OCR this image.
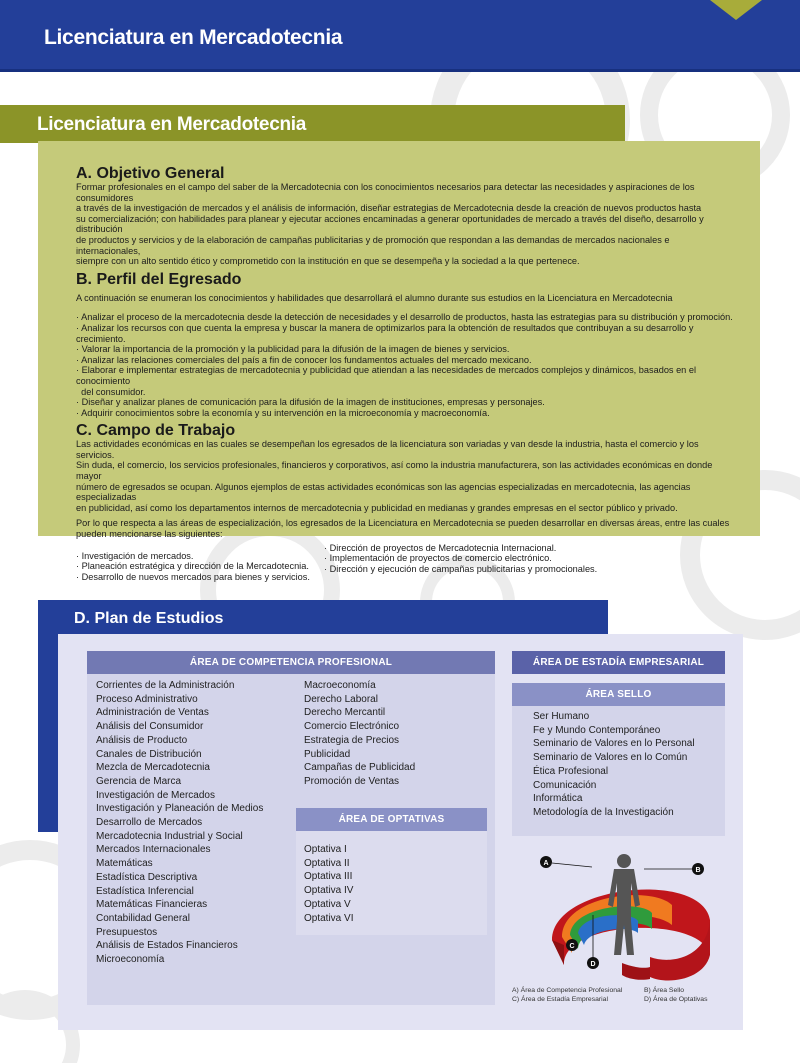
Licenciatura en Mercadotecnia
Licenciatura en Mercadotecnia
A. Objetivo General
Formar profesionales en el campo del saber de la Mercadotecnia con los conocimientos necesarios para detectar las necesidades y aspiraciones de los consumidores
a través de la investigación de mercados y el análisis de información, diseñar estrategias de Mercadotecnia desde la creación de nuevos productos hasta
su comercialización; con habilidades para planear y ejecutar acciones encaminadas a generar oportunidades de mercado a través del diseño, desarrollo y distribución
de productos y servicios y de la elaboración de campañas publicitarias y de promoción que respondan a las demandas de mercados nacionales e internacionales,
siempre con un alto sentido ético y comprometido con la institución en que se desempeña y la sociedad a la que pertenece.
B. Perfil del Egresado
A continuación se enumeran los conocimientos y habilidades que desarrollará el alumno durante sus estudios en la Licenciatura en Mercadotecnia
· Analizar el proceso de la mercadotecnia desde la detección de necesidades y el desarrollo de productos, hasta las estrategias para su distribución y promoción.
· Analizar los recursos con que cuenta la empresa y buscar la manera de optimizarlos para la obtención de resultados que contribuyan a su desarrollo y crecimiento.
· Valorar la importancia de la promoción y la publicidad para la difusión de la imagen de bienes y servicios.
· Analizar las relaciones comerciales del país a fin de conocer los fundamentos actuales del mercado mexicano.
· Elaborar e implementar estrategias de mercadotecnia y publicidad que atiendan a las necesidades de mercados complejos y dinámicos, basados en el conocimiento
del consumidor.
· Diseñar y analizar planes de comunicación para la difusión de la imagen de instituciones, empresas y personajes.
· Adquirir conocimientos sobre la economía y su intervención en la microeconomía y macroeconomía.
C. Campo de Trabajo
Las actividades económicas en las cuales se desempeñan los egresados de la licenciatura son variadas y van desde la industria, hasta el comercio y los servicios.
Sin duda, el comercio, los servicios profesionales, financieros y corporativos, así como la industria manufacturera, son las actividades económicas en donde mayor
número de egresados se ocupan. Algunos ejemplos de estas actividades económicas son las agencias especializadas en mercadotecnia, las agencias especializadas
en publicidad, así como los departamentos internos de mercadotecnia y publicidad en medianas y grandes empresas en el sector público y privado.
Por lo que respecta a las áreas de especialización, los egresados de la Licenciatura en Mercadotecnia se pueden desarrollar en diversas áreas, entre las cuales
pueden mencionarse las siguientes:
· Investigación de mercados.
· Planeación estratégica y dirección de la Mercadotecnia.
· Desarrollo de nuevos mercados para bienes y servicios.
· Dirección de proyectos de Mercadotecnia Internacional.
· Implementación de proyectos de comercio electrónico.
· Dirección y ejecución de campañas publicitarias y promocionales.
D. Plan de Estudios
ÁREA DE COMPETENCIA PROFESIONAL
ÁREA DE OPTATIVAS
Corrientes de la Administración
Proceso Administrativo
Administración de Ventas
Análisis del Consumidor
Análisis de Producto
Canales de Distribución
Mezcla de Mercadotecnia
Gerencia de Marca
Investigación de Mercados
Investigación y Planeación de Medios
Desarrollo de Mercados
Mercadotecnia Industrial y Social
Mercados Internacionales
Matemáticas
Estadística Descriptiva
Estadística Inferencial
Matemáticas Financieras
Contabilidad General
Presupuestos
Análisis de Estados Financieros
Microeconomía
Macroeconomía
Derecho Laboral
Derecho Mercantil
Comercio Electrónico
Estrategia de Precios
Publicidad
Campañas de Publicidad
Promoción de Ventas
Optativa I
Optativa II
Optativa III
Optativa IV
Optativa V
Optativa VI
ÁREA DE ESTADÍA EMPRESARIAL
ÁREA SELLO
Ser Humano
Fe y Mundo Contemporáneo
Seminario de Valores en lo Personal
Seminario de Valores en lo Común
Ética Profesional
Comunicación
Informática
Metodología de la Investigación
A
B
C
D
A) Área de Competencia Profesional
C) Área de Estadía Empresarial
B) Área Sello
D) Área de Optativas
